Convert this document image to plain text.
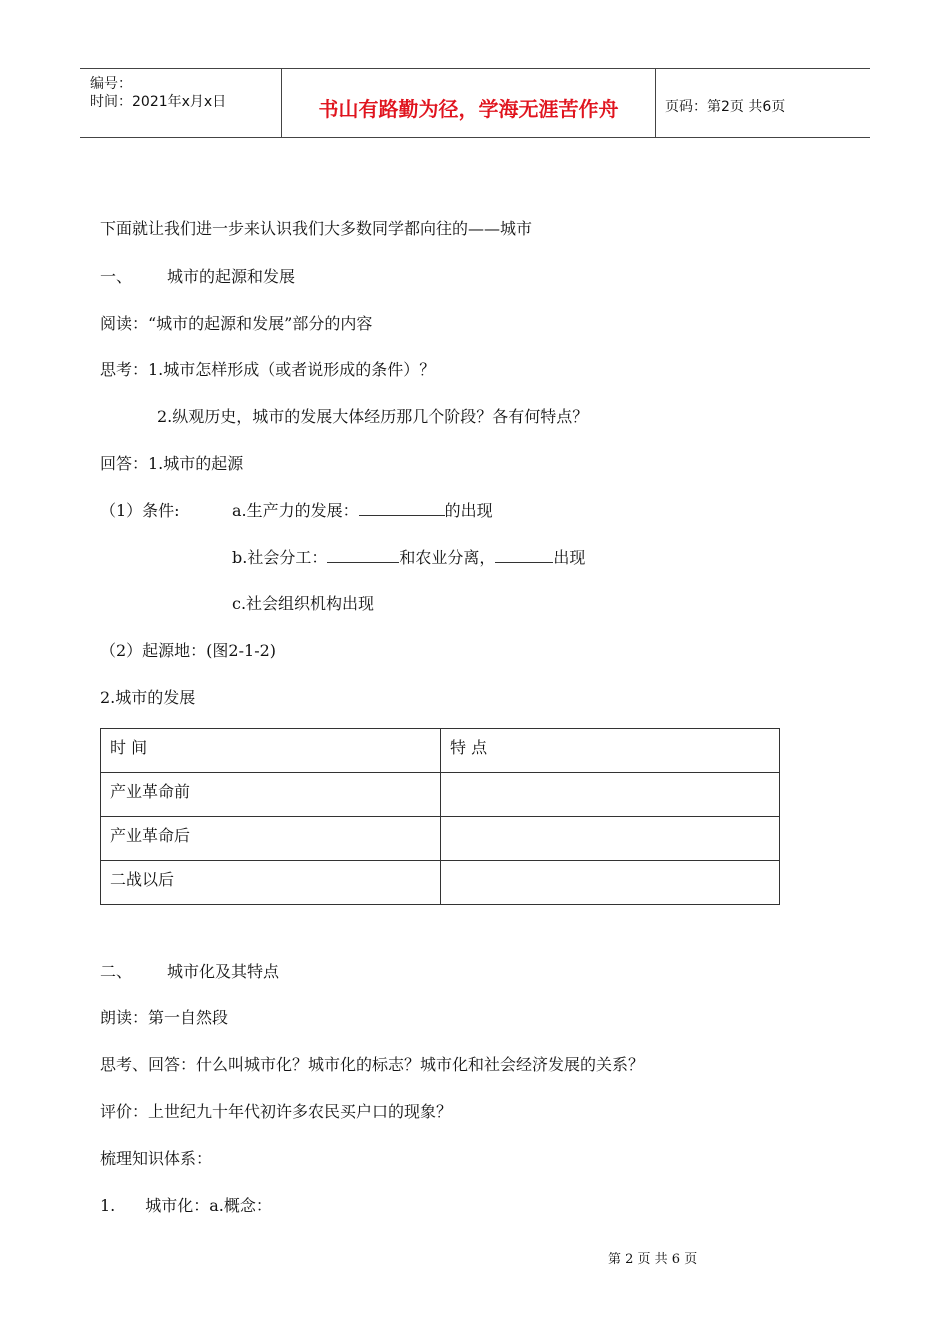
编号：
时间：2021年x月x日	书山有路勤为径，学海无涯苦作舟	页码：第2页 共6页
下面就让我们进一步来认识我们大多数同学都向往的——城市
一、 城市的起源和发展
阅读：“城市的起源和发展”部分的内容
思考：1.城市怎样形成（或者说形成的条件）？
2.纵观历史，城市的发展大体经历那几个阶段？各有何特点？
回答：1.城市的起源
（1）条件:	a.生产力的发展：	的出现
b.社会分工：	和农业分离，	出现
c.社会组织机构出现
（2）起源地：(图2-1-2)
2.城市的发展
时 间	特 点
产业革命前	
产业革命后	
二战以后	
二、 城市化及其特点
朗读：第一自然段
思考、回答：什么叫城市化？城市化的标志？城市化和社会经济发展的关系？
评价：上世纪九十年代初许多农民买户口的现象？
梳理知识体系：
1. 城市化：a.概念：
第 2 页 共 6 页
